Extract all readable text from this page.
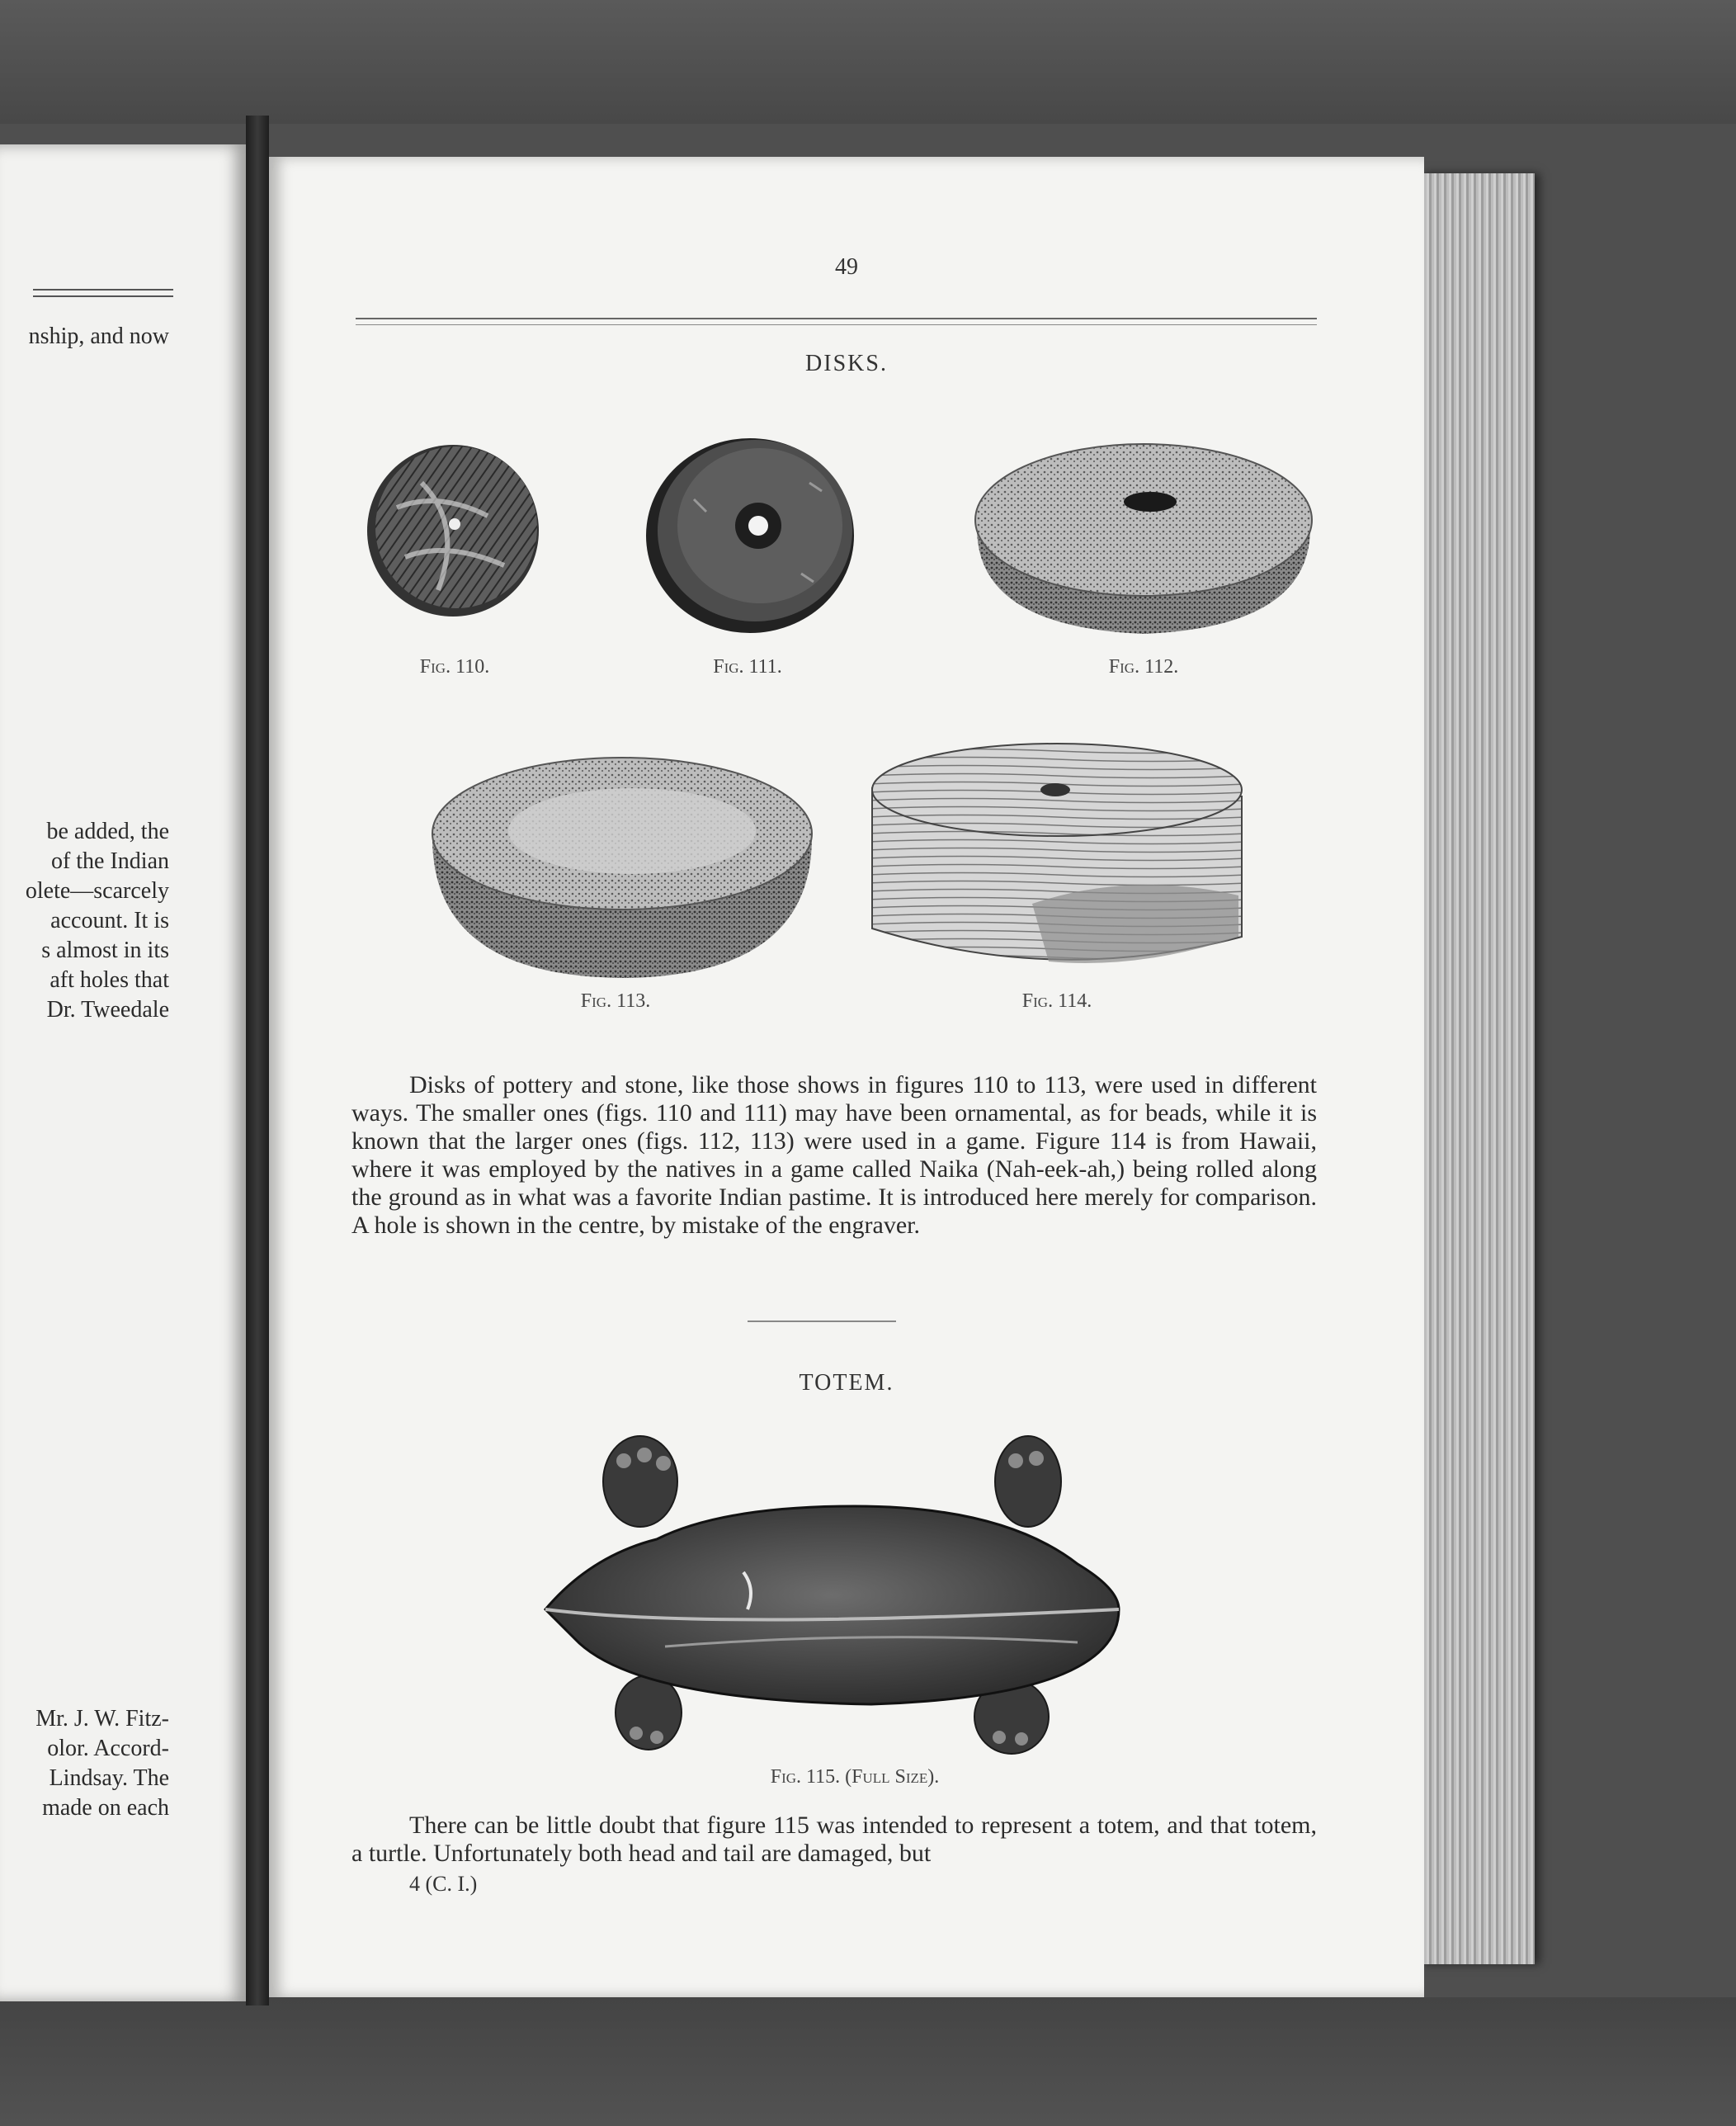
nship, and now
be added, the
of the Indian
olete—scarcely
account. It is
s almost in its
aft holes that
Dr. Tweedale
Mr. J. W. Fitz-
olor. Accord-
Lindsay. The
made on each
49
DISKS.
Fig. 110.	Fig. 111.	Fig. 112.
Fig. 113.	Fig. 114.

Disks of pottery and stone, like those shows in figures 110 to 113, were used in different ways. The smaller ones (figs. 110 and 111) may have been ornamental, as for beads, while it is known that the larger ones (figs. 112, 113) were used in a game. Figure 114 is from Hawaii, where it was employed by the natives in a game called Naika (Nah-eek-ah,) being rolled along the ground as in what was a favorite Indian pastime. It is introduced here merely for comparison. A hole is shown in the centre, by mistake of the engraver.

TOTEM.
Fig. 115. (Full Size).

There can be little doubt that figure 115 was intended to represent a totem, and that totem, a turtle. Unfortunately both head and tail are damaged, but

4 (C. I.)
